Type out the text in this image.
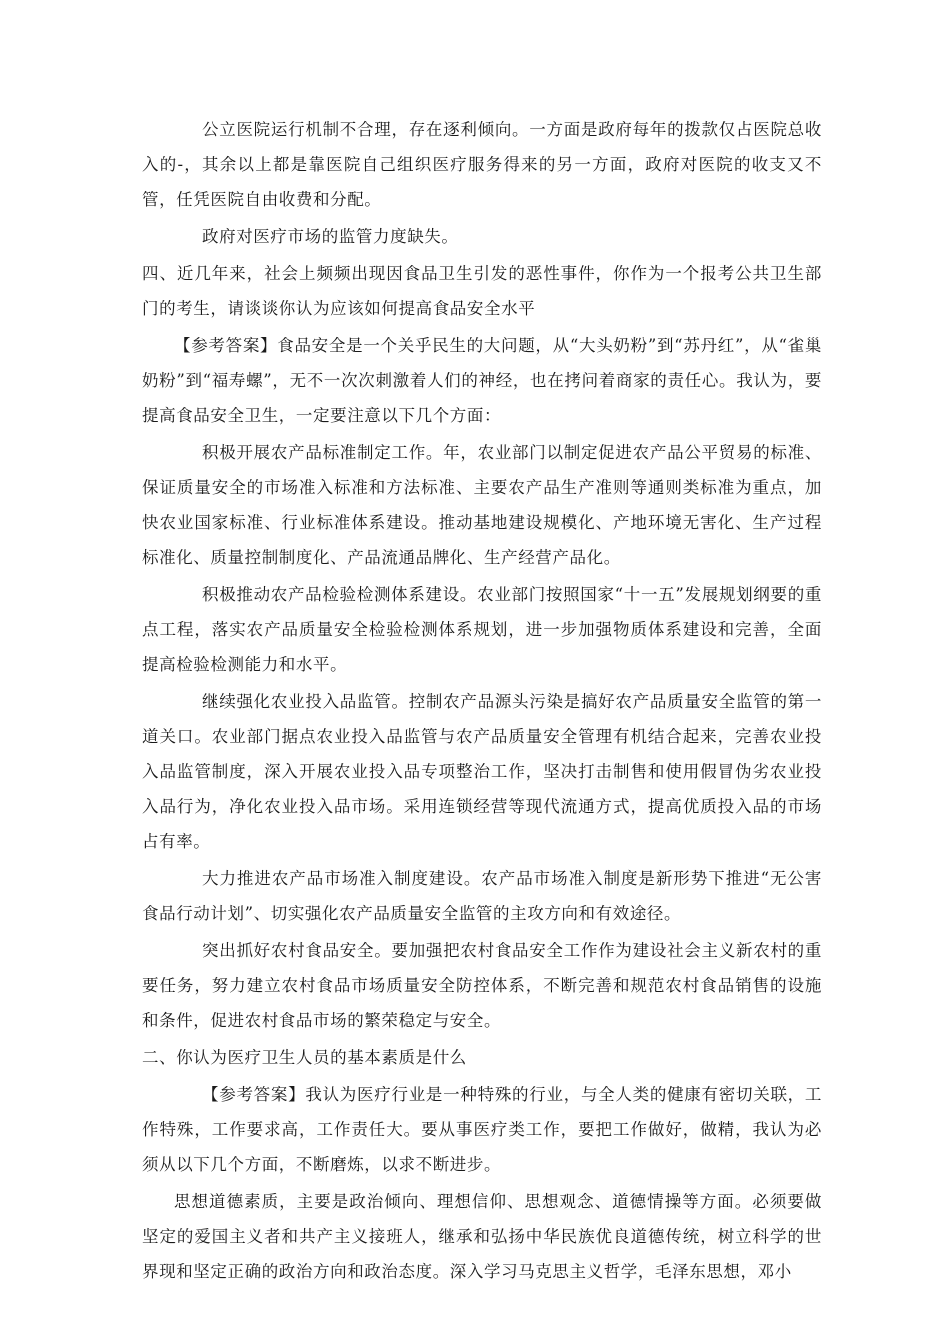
公立医院运行机制不合理，存在逐利倾向。一方面是政府每年的拨款仅占医院总收入的-，其余以上都是靠医院自己组织医疗服务得来的另一方面，政府对医院的收支又不管，任凭医院自由收费和分配。

政府对医疗市场的监管力度缺失。

四、近几年来，社会上频频出现因食品卫生引发的恶性事件，你作为一个报考公共卫生部门的考生，请谈谈你认为应该如何提高食品安全水平

【参考答案】食品安全是一个关乎民生的大问题，从“大头奶粉”到“苏丹红”，从“雀巢奶粉”到“福寿螺”，无不一次次刺激着人们的神经，也在拷问着商家的责任心。我认为，要提高食品安全卫生，一定要注意以下几个方面：

积极开展农产品标准制定工作。年，农业部门以制定促进农产品公平贸易的标准、保证质量安全的市场准入标准和方法标准、主要农产品生产准则等通则类标准为重点，加快农业国家标准、行业标准体系建设。推动基地建设规模化、产地环境无害化、生产过程标准化、质量控制制度化、产品流通品牌化、生产经营产品化。

积极推动农产品检验检测体系建设。农业部门按照国家“十一五”发展规划纲要的重点工程，落实农产品质量安全检验检测体系规划，进一步加强物质体系建设和完善，全面提高检验检测能力和水平。

继续强化农业投入品监管。控制农产品源头污染是搞好农产品质量安全监管的第一道关口。农业部门据点农业投入品监管与农产品质量安全管理有机结合起来，完善农业投入品监管制度，深入开展农业投入品专项整治工作，坚决打击制售和使用假冒伪劣农业投入品行为，净化农业投入品市场。采用连锁经营等现代流通方式，提高优质投入品的市场占有率。

大力推进农产品市场准入制度建设。农产品市场准入制度是新形势下推进“无公害食品行动计划”、切实强化农产品质量安全监管的主攻方向和有效途径。

突出抓好农村食品安全。要加强把农村食品安全工作作为建设社会主义新农村的重要任务，努力建立农村食品市场质量安全防控体系，不断完善和规范农村食品销售的设施和条件，促进农村食品市场的繁荣稳定与安全。

二、你认为医疗卫生人员的基本素质是什么

【参考答案】我认为医疗行业是一种特殊的行业，与全人类的健康有密切关联，工作特殊，工作要求高，工作责任大。要从事医疗类工作，要把工作做好，做精，我认为必须从以下几个方面，不断磨炼，以求不断进步。

思想道德素质，主要是政治倾向、理想信仰、思想观念、道德情操等方面。必须要做坚定的爱国主义者和共产主义接班人，继承和弘扬中华民族优良道德传统，树立科学的世界现和坚定正确的政治方向和政治态度。深入学习马克思主义哲学，毛泽东思想，邓小
